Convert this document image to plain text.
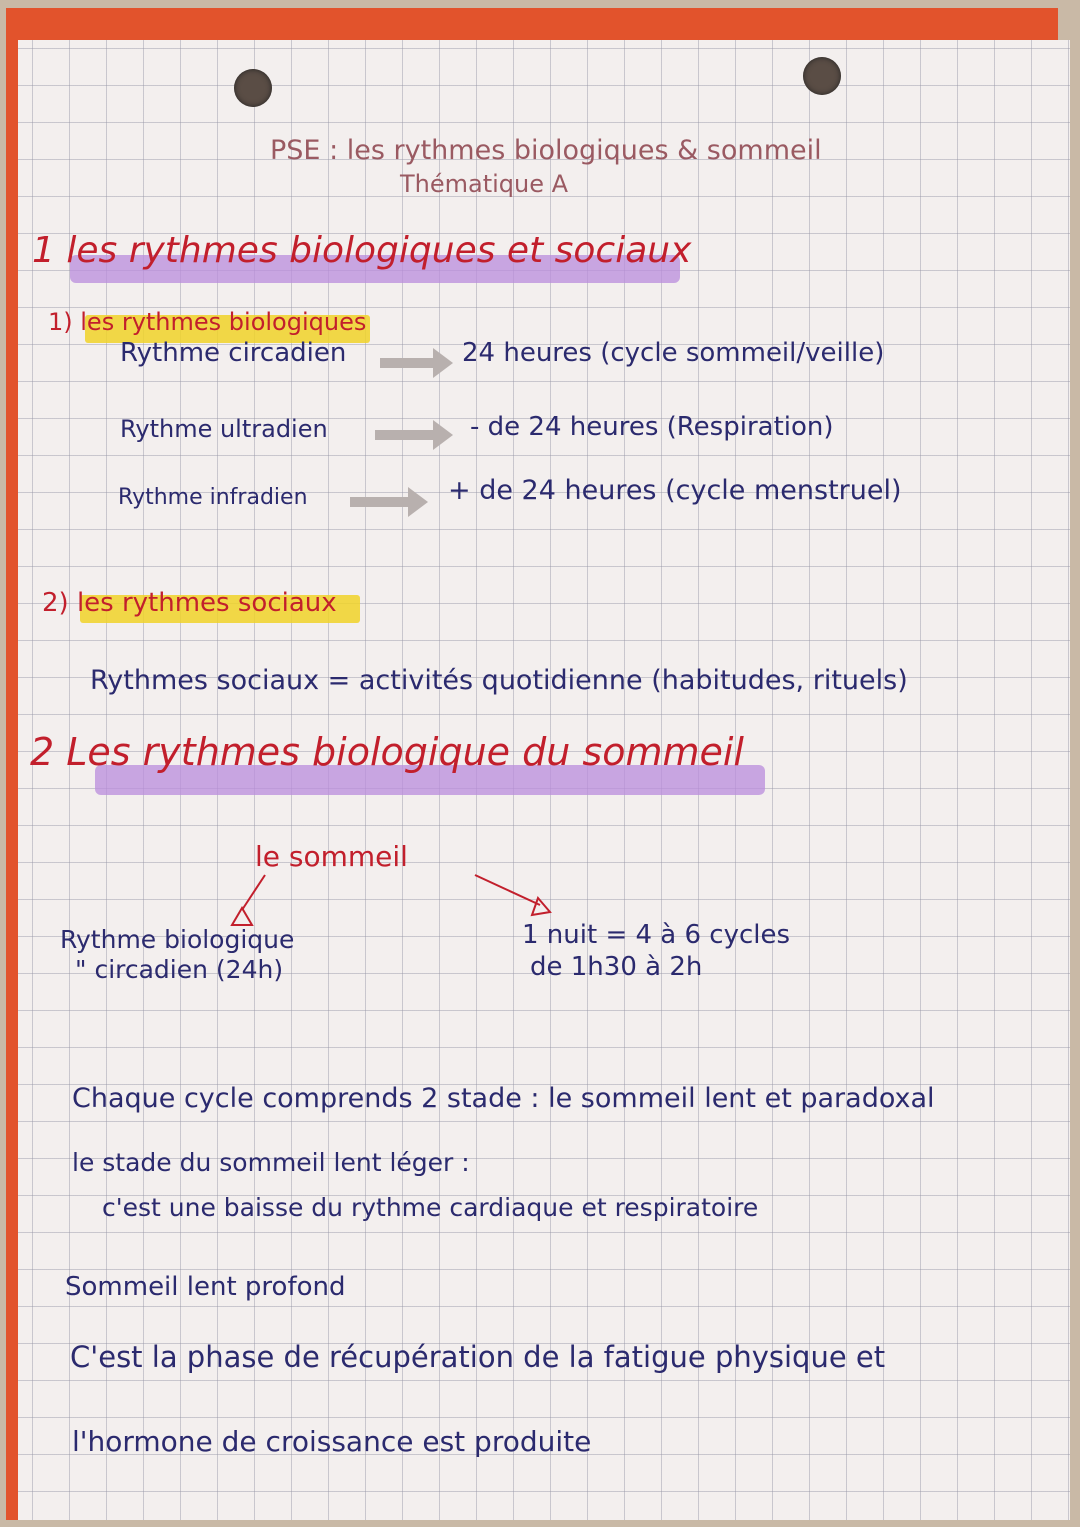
PSE : les rythmes biologiques & sommeil
Thématique A
1 les rythmes biologiques et sociaux
1) les rythmes biologiques
Rythme circadien	24 heures (cycle sommeil/veille)
Rythme ultradien	- de 24 heures (Respiration)
Rythme infradien	+ de 24 heures (cycle menstruel)
2) les rythmes sociaux
Rythmes sociaux = activités quotidienne (habitudes, rituels)
2 Les rythmes biologique du sommeil
le sommeil
Rythme biologique
" circadien (24h)
1 nuit = 4 à 6 cycles
de 1h30 à 2h
Chaque cycle comprends 2 stade : le sommeil lent et paradoxal
le stade du sommeil lent léger :
c'est une baisse du rythme cardiaque et respiratoire
Sommeil lent profond
C'est la phase de récupération de la fatigue physique et
l'hormone de croissance est produite
